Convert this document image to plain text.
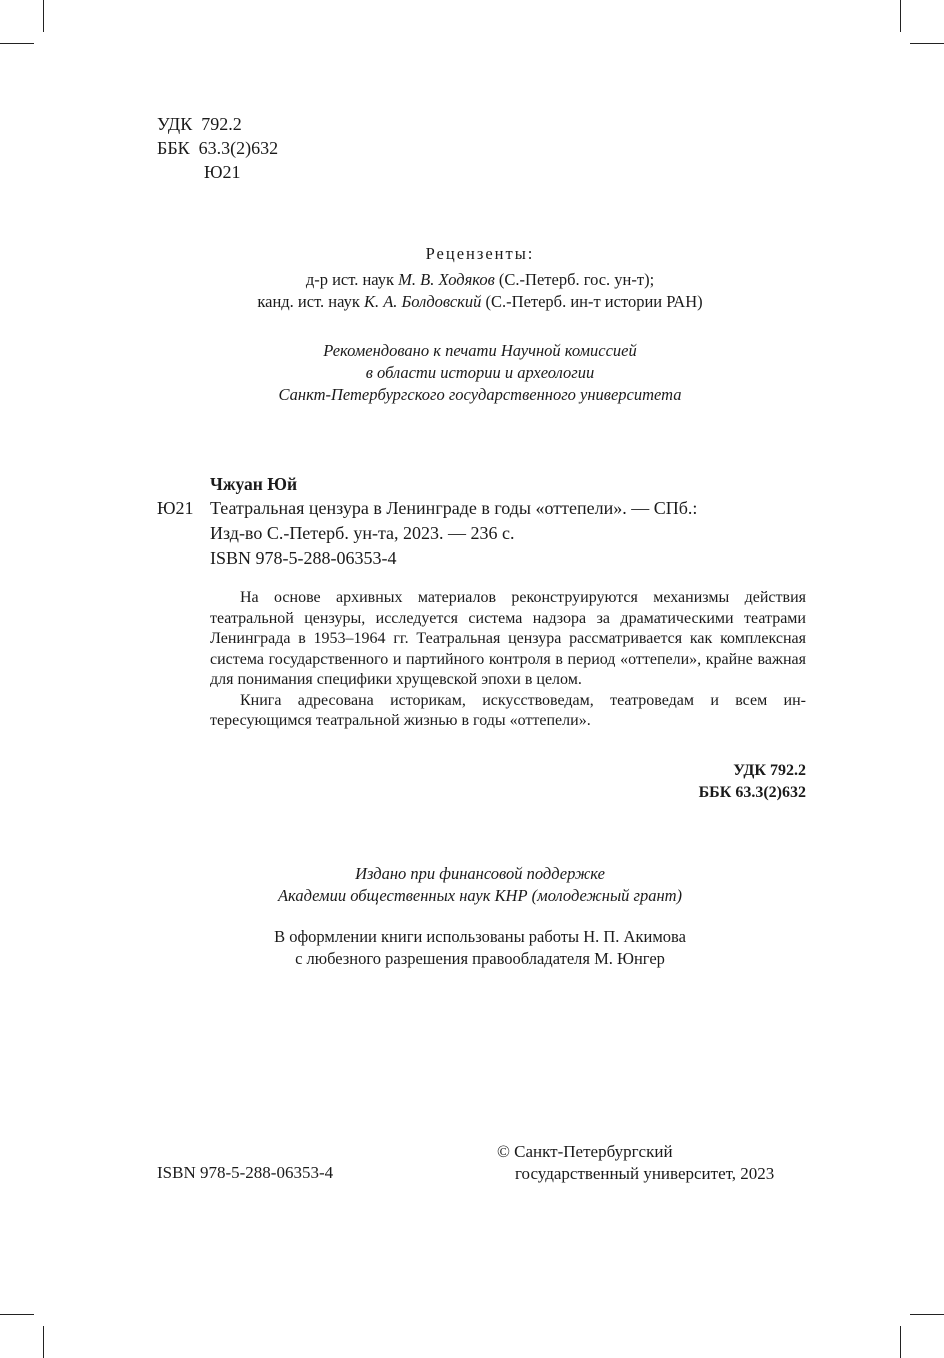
УДК  792.2
ББК  63.3(2)632
Ю21
Рецензенты:
д-р ист. наук М. В. Ходяков (С.-Петерб. гос. ун-т);
канд. ист. наук К. А. Болдовский (С.-Петерб. ин-т истории РАН)
Рекомендовано к печати Научной комиссией
в области истории и археологии
Санкт-Петербургского государственного университета
Чжуан Юй
Ю21 Театральная цензура в Ленинграде в годы «оттепели». — СПб.:
Изд-во С.-Петерб. ун-та, 2023. — 236 с.
ISBN 978-5-288-06353-4

На основе архивных материалов реконструируются механизмы действия театральной цензуры, исследуется система надзора за драматическими театрами Ленинграда в 1953–1964 гг. Театральная цензура рассматривается как комплексная система государственного и партийного контроля в период «оттепели», крайне важная для понимания специфики хрущевской эпохи в целом.

Книга адресована историкам, искусствоведам, театроведам и всем интересующимся театральной жизнью в годы «оттепели».

УДК 792.2
ББК 63.3(2)632
Издано при финансовой поддержке
Академии общественных наук КНР (молодежный грант)
В оформлении книги использованы работы Н. П. Акимова
с любезного разрешения правообладателя М. Юнгер
ISBN 978-5-288-06353-4
© Санкт-Петербургский
государственный университет, 2023
